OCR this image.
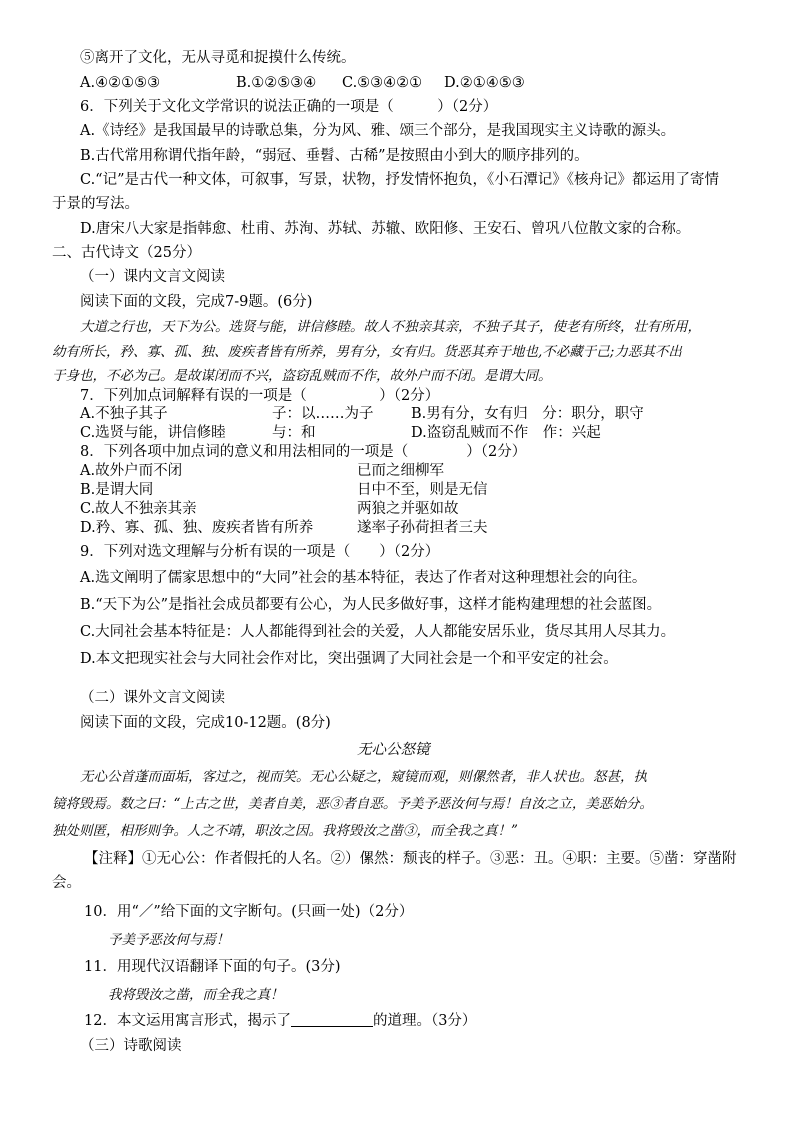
⑤离开了文化，无从寻觅和捉摸什么传统。
A.④②①⑤③	B.①②⑤③④ C.⑤③④②① D.②①④⑤③
6．下列关于文化文学常识的说法正确的一项是（　　　）（2分）
A.《诗经》是我国最早的诗歌总集，分为风、雅、颂三个部分，是我国现实主义诗歌的源头。
B.古代常用称谓代指年龄，“弱冠、垂髫、古稀”是按照由小到大的顺序排列的。
C.“记”是古代一种文体，可叙事，写景，状物，抒发情怀抱负，《小石潭记》《核舟记》都运用了寄情
于景的写法。
D.唐宋八大家是指韩愈、杜甫、苏洵、苏轼、苏辙、欧阳修、王安石、曾巩八位散文家的合称。
二、古代诗文（25分）
（一）课内文言文阅读
阅读下面的文段，完成7-9题。(6分)
大道之行也，天下为公。选贤与能，讲信修睦。故人不独亲其亲，不独子其子，使老有所终，壮有所用，
幼有所长，矜、寡、孤、独、废疾者皆有所养，男有分，女有归。货恶其弃于地也,不必藏于己;力恶其不出
于身也，不必为己。是故谋闭而不兴，盗窃乱贼而不作，故外户而不闭。是谓大同。
7．下列加点词解释有误的一项是（　　　　　）（2分）
A.不独子其子	子：以……为子	B.男有分，女有归　分：职分，职守
C.选贤与能，讲信修睦	与：和	D.盗窃乱贼而不作　作：兴起
8．下列各项中加点词的意义和用法相同的一项是（　　　　）（2分）
A.故外户而不闭	已而之细柳军
B.是谓大同	日中不至，则是无信
C.故人不独亲其亲	两狼之并驱如故
D.矜、寡、孤、独、废疾者皆有所养	遂率子孙荷担者三夫
9．下列对选文理解与分析有误的一项是（　　）（2分）
A.选文阐明了儒家思想中的“大同”社会的基本特征，表达了作者对这种理想社会的向往。
B.“天下为公”是指社会成员都要有公心，为人民多做好事，这样才能构建理想的社会蓝图。
C.大同社会基本特征是：人人都能得到社会的关爱，人人都能安居乐业，货尽其用人尽其力。
D.本文把现实社会与大同社会作对比，突出强调了大同社会是一个和平安定的社会。
（二）课外文言文阅读
阅读下面的文段，完成10-12题。(8分)
无心公怒镜
无心公首蓬而面垢，客过之，视而笑。无心公疑之，窥镜而观，则傫然者，非人状也。怒甚，执
镜将毁焉。数之曰：“上古之世，美者自美，恶③者自恶。予美予恶汝何与焉！自汝之立，美恶始分。
独处则匿，相形则争。人之不靖，职汝之因。我将毁汝之凿③，而全我之真！”
【注释】①无心公：作者假托的人名。②）傫然：颓丧的样子。③恶：丑。④职：主要。⑤凿：穿凿附
会。
10．用“／”给下面的文字断句。(只画一处)（2分）
予美予恶汝何与焉！
11．用现代汉语翻译下面的句子。(3分)
我将毁汝之凿，而全我之真！
12．本文运用寓言形式，揭示了	的道理。（3分）
（三）诗歌阅读
